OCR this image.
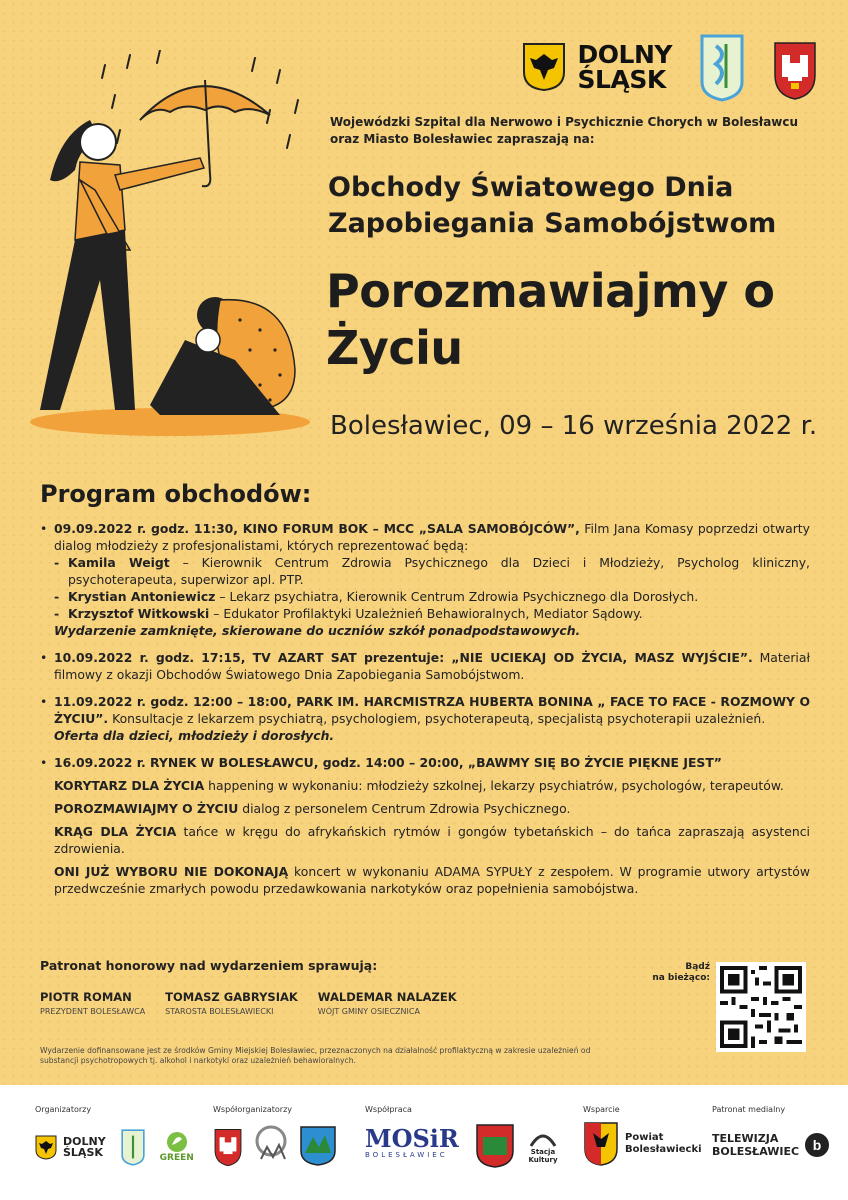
DOLNY
ŚLĄSK
Wojewódzki Szpital dla Nerwowo i Psychicznie Chorych w Bolesławcu oraz Miasto Bolesławiec zapraszają na:
Obchody Światowego Dnia Zapobiegania Samobójstwom
Porozmawiajmy o Życiu
Bolesławiec, 09 – 16 września 2022 r.
Program obchodów:
• 09.09.2022 r. godz. 11:30, KINO FORUM BOK – MCC „SALA SAMOBÓJCÓW”, Film Jana Komasy poprzedzi otwarty dialog młodzieży z profesjonalistami, których reprezentować będą:
- Kamila Weigt – Kierownik Centrum Zdrowia Psychicznego dla Dzieci i Młodzieży, Psycholog kliniczny, psychoterapeuta, superwizor apl. PTP.
- Krystian Antoniewicz – Lekarz psychiatra, Kierownik Centrum Zdrowia Psychicznego dla Dorosłych.
- Krzysztof Witkowski – Edukator Profilaktyki Uzależnień Behawioralnych, Mediator Sądowy.
Wydarzenie zamknięte, skierowane do uczniów szkół ponadpodstawowych.
• 10.09.2022 r. godz. 17:15, TV AZART SAT prezentuje: „NIE UCIEKAJ OD ŻYCIA, MASZ WYJŚCIE”. Materiał filmowy z okazji Obchodów Światowego Dnia Zapobiegania Samobójstwom.
• 11.09.2022 r. godz. 12:00 – 18:00, PARK IM. HARCMISTRZA HUBERTA BONINA „ FACE TO FACE - ROZMOWY O ŻYCIU”. Konsultacje z lekarzem psychiatrą, psychologiem, psychoterapeutą, specjalistą psychoterapii uzależnień.
Oferta dla dzieci, młodzieży i dorosłych.
• 16.09.2022 r. RYNEK W BOLESŁAWCU, godz. 14:00 – 20:00, „BAWMY SIĘ BO ŻYCIE PIĘKNE JEST”
KORYTARZ DLA ŻYCIA happening w wykonaniu: młodzieży szkolnej, lekarzy psychiatrów, psychologów, terapeutów.
POROZMAWIAJMY O ŻYCIU dialog z personelem Centrum Zdrowia Psychicznego.
KRĄG DLA ŻYCIA tańce w kręgu do afrykańskich rytmów i gongów tybetańskich – do tańca zapraszają asystenci zdrowienia.
ONI JUŻ WYBORU NIE DOKONAJĄ koncert w wykonaniu ADAMA SYPUŁY z zespołem. W programie utwory artystów przedwcześnie zmarłych powodu przedawkowania narkotyków oraz popełnienia samobójstwa.
Patronat honorowy nad wydarzeniem sprawują:
PIOTR ROMAN
PREZYDENT BOLESŁAWCA
TOMASZ GABRYSIAK
STAROSTA BOLESŁAWIECKI
WALDEMAR NALAZEK
WÓJT GMINY OSIECZNICA
Bądź
na bieżąco:
Wydarzenie dofinansowane jest ze środków Gminy Miejskiej Bolesławiec, przeznaczonych na działalność profilaktyczną w zakresie uzależnień od substancji psychotropowych tj. alkohol i narkotyki oraz uzależnień behawioralnych.
Organizatorzy	Współorganizatorzy	Współpraca	Wsparcie	Patronat medialny
DOLNY
ŚLĄSK	GREEN
MOSiR
BOLESŁAWIEC	Stacja
Kultury
Powiat
Bolesławiecki
TELEWIZJA
BOLESŁAWIEC b
